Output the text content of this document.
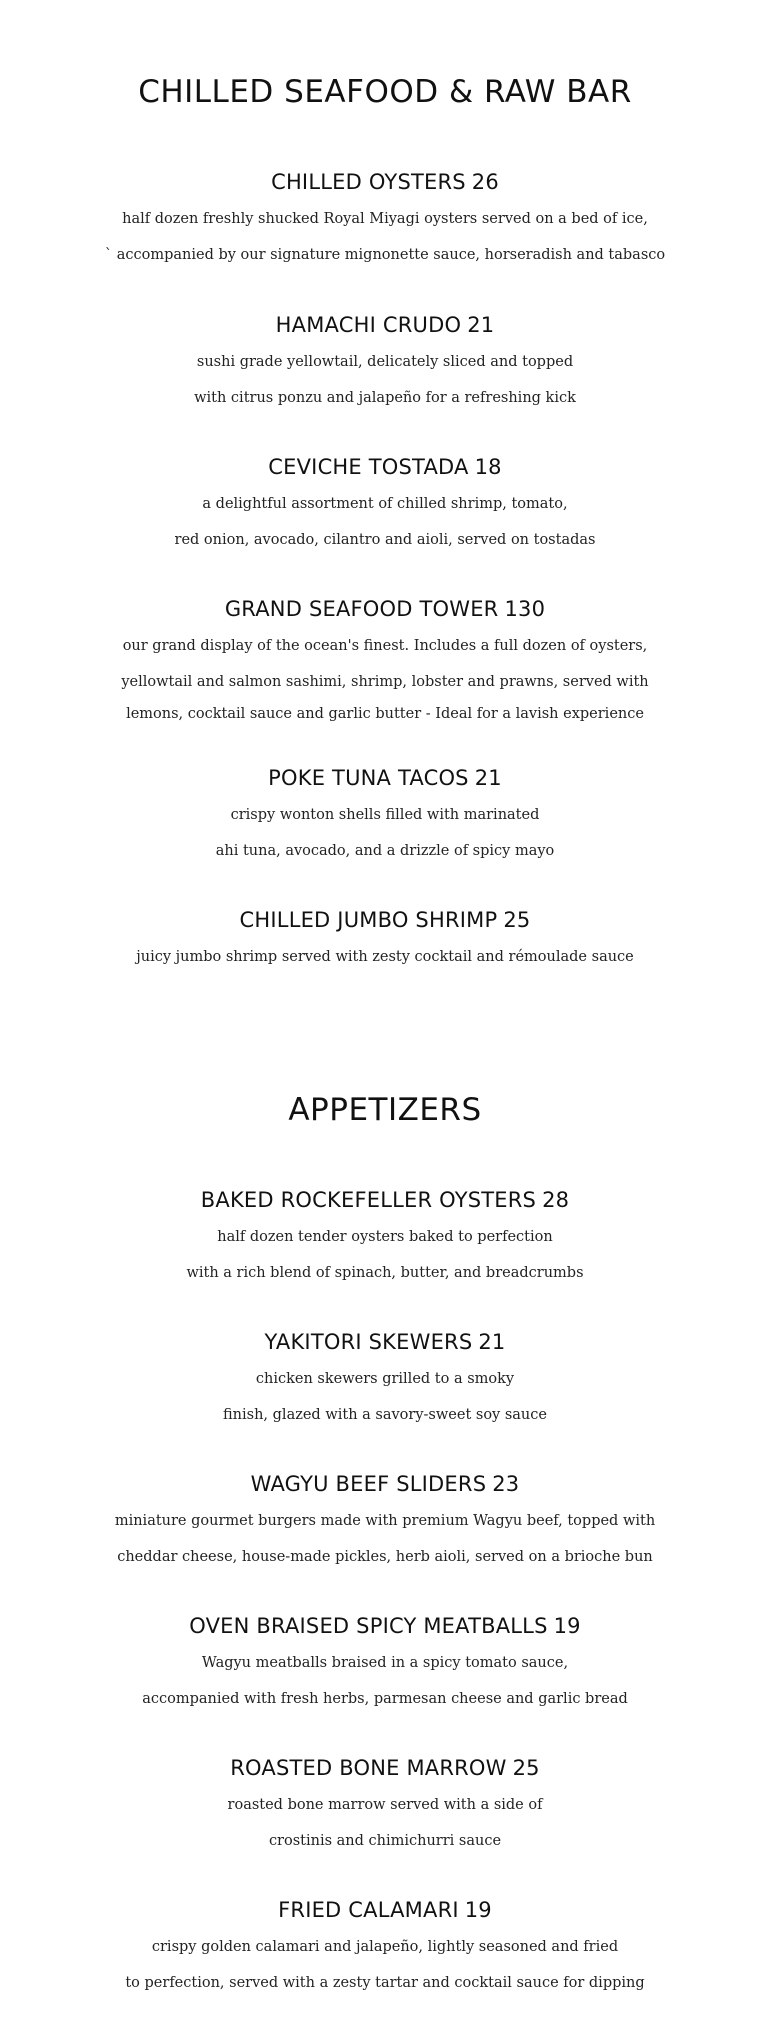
CHILLED SEAFOOD & RAW BAR
CHILLED OYSTERS 26

half dozen freshly shucked Royal Miyagi oysters served on a bed of ice,
` accompanied by our signature mignonette sauce, horseradish and tabasco

HAMACHI CRUDO 21

sushi grade yellowtail, delicately sliced and topped
with citrus ponzu and jalapeño for a refreshing kick

CEVICHE TOSTADA 18

a delightful assortment of chilled shrimp, tomato,
red onion, avocado, cilantro and aioli, served on tostadas

GRAND SEAFOOD TOWER 130

our grand display of the ocean's finest. Includes a full dozen of oysters,
yellowtail and salmon sashimi, shrimp, lobster and prawns, served with
lemons, cocktail sauce and garlic butter - Ideal for a lavish experience

POKE TUNA TACOS 21

crispy wonton shells filled with marinated
ahi tuna, avocado, and a drizzle of spicy mayo

CHILLED JUMBO SHRIMP 25

juicy jumbo shrimp served with zesty cocktail and rémoulade sauce

APPETIZERS
BAKED ROCKEFELLER OYSTERS 28

half dozen tender oysters baked to perfection
with a rich blend of spinach, butter, and breadcrumbs

YAKITORI SKEWERS 21

chicken skewers grilled to a smoky
finish, glazed with a savory-sweet soy sauce

WAGYU BEEF SLIDERS 23

miniature gourmet burgers made with premium Wagyu beef, topped with
cheddar cheese, house-made pickles, herb aioli, served on a brioche bun

OVEN BRAISED SPICY MEATBALLS 19

Wagyu meatballs braised in a spicy tomato sauce,
accompanied with fresh herbs, parmesan cheese and garlic bread

ROASTED BONE MARROW 25

roasted bone marrow served with a side of
crostinis and chimichurri sauce

FRIED CALAMARI 19

crispy golden calamari and jalapeño, lightly seasoned and fried
to perfection, served with a zesty tartar and cocktail sauce for dipping
